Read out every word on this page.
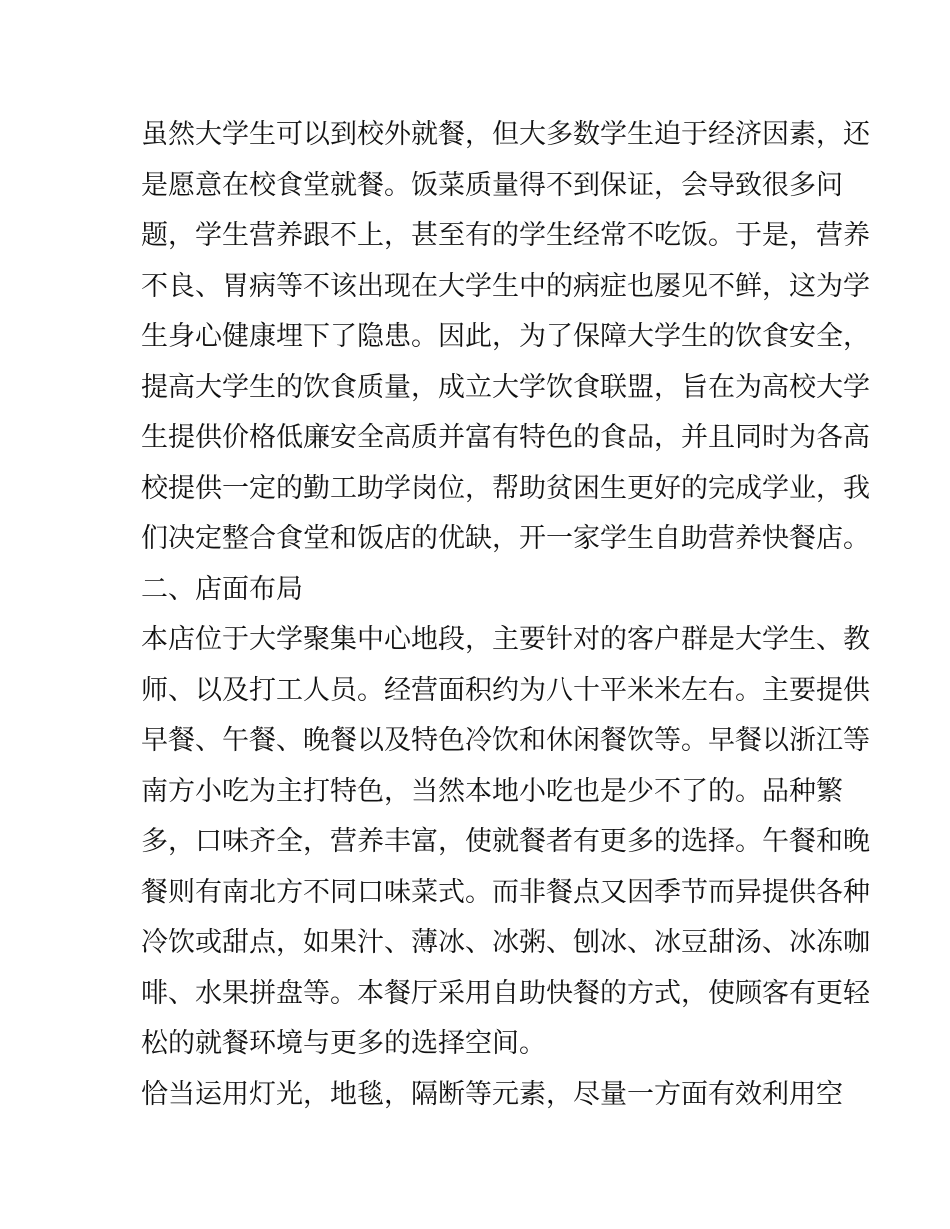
虽然大学生可以到校外就餐，但大多数学生迫于经济因素，还
是愿意在校食堂就餐。饭菜质量得不到保证，会导致很多问
题，学生营养跟不上，甚至有的学生经常不吃饭。于是，营养
不良、胃病等不该出现在大学生中的病症也屡见不鲜，这为学
生身心健康埋下了隐患。因此，为了保障大学生的饮食安全，
提高大学生的饮食质量，成立大学饮食联盟，旨在为高校大学
生提供价格低廉安全高质并富有特色的食品，并且同时为各高
校提供一定的勤工助学岗位，帮助贫困生更好的完成学业，我
们决定整合食堂和饭店的优缺，开一家学生自助营养快餐店。
二、店面布局
本店位于大学聚集中心地段，主要针对的客户群是大学生、教
师、以及打工人员。经营面积约为八十平米米左右。主要提供
早餐、午餐、晚餐以及特色冷饮和休闲餐饮等。早餐以浙江等
南方小吃为主打特色，当然本地小吃也是少不了的。品种繁
多，口味齐全，营养丰富，使就餐者有更多的选择。午餐和晚
餐则有南北方不同口味菜式。而非餐点又因季节而异提供各种
冷饮或甜点，如果汁、薄冰、冰粥、刨冰、冰豆甜汤、冰冻咖
啡、水果拼盘等。本餐厅采用自助快餐的方式，使顾客有更轻
松的就餐环境与更多的选择空间。
恰当运用灯光，地毯，隔断等元素，尽量一方面有效利用空
